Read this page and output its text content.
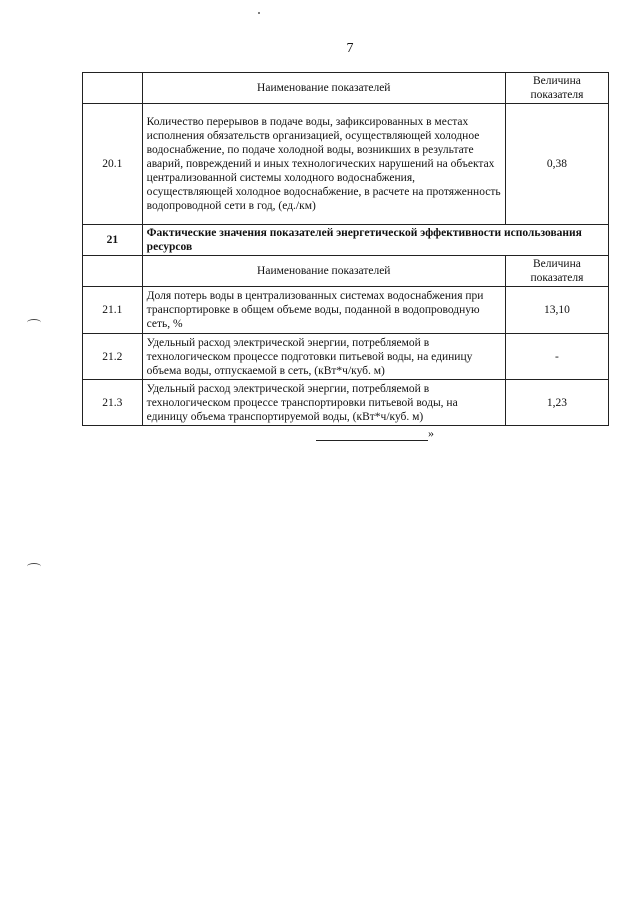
7
	Наименование показателей	Величина показателя
20.1	Количество перерывов в подаче воды, зафиксированных в местах исполнения обязательств организацией, осуществляющей холодное водоснабжение, по подаче холодной воды, возникших в результате аварий, повреждений и иных технологических нарушений на объектах централизованной системы холодного водоснабжения, осуществляющей холодное водоснабжение, в расчете на протяженность водопроводной сети в год, (ед./км)	0,38
21	Фактические значения показателей энергетической эффективности использования ресурсов	
	Наименование показателей	Величина показателя
21.1	Доля потерь воды в централизованных системах водоснабжения при транспортировке в общем объеме воды, поданной в водопроводную сеть, %	13,10
21.2	Удельный расход электрической энергии, потребляемой в технологическом процессе подготовки питьевой воды, на единицу объема воды, отпускаемой в сеть, (кВт*ч/куб. м)	-
21.3	Удельный расход электрической энергии, потребляемой в технологическом процессе транспортировки питьевой воды, на единицу объема транспортируемой воды, (кВт*ч/куб. м)	1,23
»
